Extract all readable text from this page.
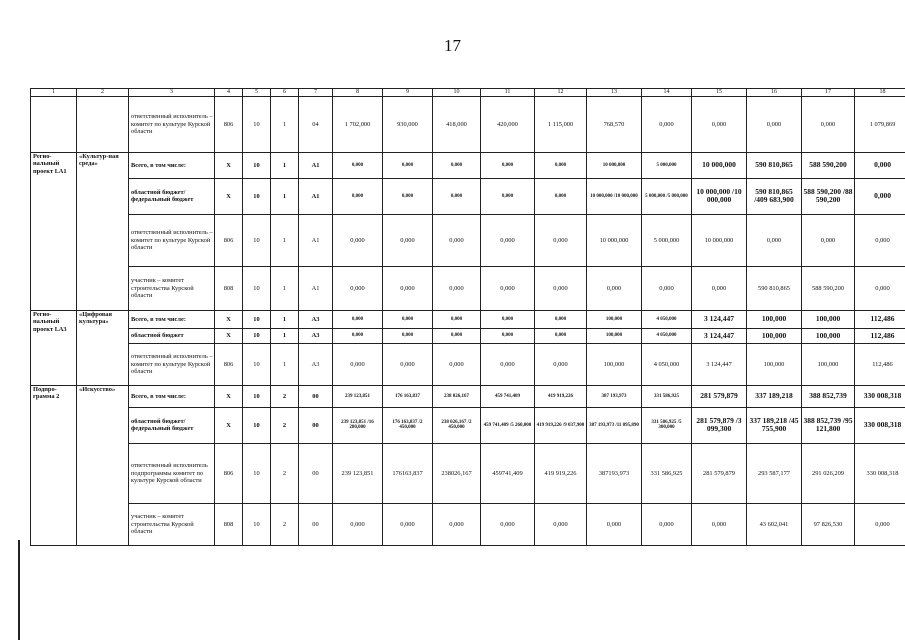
17
1	2	3	4	5	6	7	8	9	10	11	12	13	14	15	16	17	18
		ответственный исполнитель – комитет по культуре Курской области	806	10	1	04	1 702,000	930,000	418,000	420,000	1 115,000	768,570	0,000	0,000	0,000	0,000	1 079,869
Регио-нальный проект I.A1	«Культур-ная среда»	Всего, в том числе:	X	10	1	A1	0,000	0,000	0,000	0,000	0,000	10 000,000	5 000,000	10 000,000	590 810,865	588 590,200	0,000
		областной бюджет/ федеральный бюджет	X	10	1	A1	0,000	0,000	0,000	0,000	0,000	10 000,000 /10 000,000	5 000,000 /5 000,000	10 000,000 /10 000,000	590 810,865 /409 683,900	588 590,200 /88 590,200	0,000
		ответственный исполнитель – комитет по культуре Курской области	806	10	1	A1	0,000	0,000	0,000	0,000	0,000	10 000,000	5 000,000	10 000,000	0,000	0,000	0,000
		участник – комитет строительства Курской области	808	10	1	A1	0,000	0,000	0,000	0,000	0,000	0,000	0,000	0,000	590 810,865	588 590,200	0,000
Регио-нальный проект I.A3	«Цифровая культура»	Всего, в том числе:	X	10	1	A3	0,000	0,000	0,000	0,000	0,000	100,000	4 050,000	3 124,447	100,000	100,000	112,486
		областной бюджет	X	10	1	A3	0,000	0,000	0,000	0,000	0,000	100,000	4 050,000	3 124,447	100,000	100,000	112,486
		ответственный исполнитель – комитет по культуре Курской области	806	10	1	A3	0,000	0,000	0,000	0,000	0,000	100,000	4 050,000	3 124,447	100,000	100,000	112,486
Подпро-грамма 2	«Искусство»	Всего, в том числе:	X	10	2	00	239 123,851	176 163,837	238 026,167	459 741,409	419 919,226	387 193,973	331 586,925	281 579,879	337 189,218	388 852,739	330 008,318
		областной бюджет/ федеральный бюджет	X	10	2	00	239 123,851 /16 280,000	176 163,837 /2 450,000	238 026,167 /2 450,000	459 741,409 /5 260,000	419 919,226 /9 037,900	387 193,973 /11 095,890	331 586,925 /5 300,000	281 579,879 /3 099,300	337 189,218 /45 755,900	388 852,739 /95 121,800	330 008,318
		ответственный исполнитель подпрограммы комитет по культуре Курской области	806	10	2	00	239 123,851	176163,837	238026,167	459741,409	419 919,226	387193,973	331 586,925	281 579,879	293 587,177	291 026,209	330 008,318
		участник – комитет строительства Курской области	808	10	2	00	0,000	0,000	0,000	0,000	0,000	0,000	0,000	0,000	43 602,041	97 826,530	0,000
